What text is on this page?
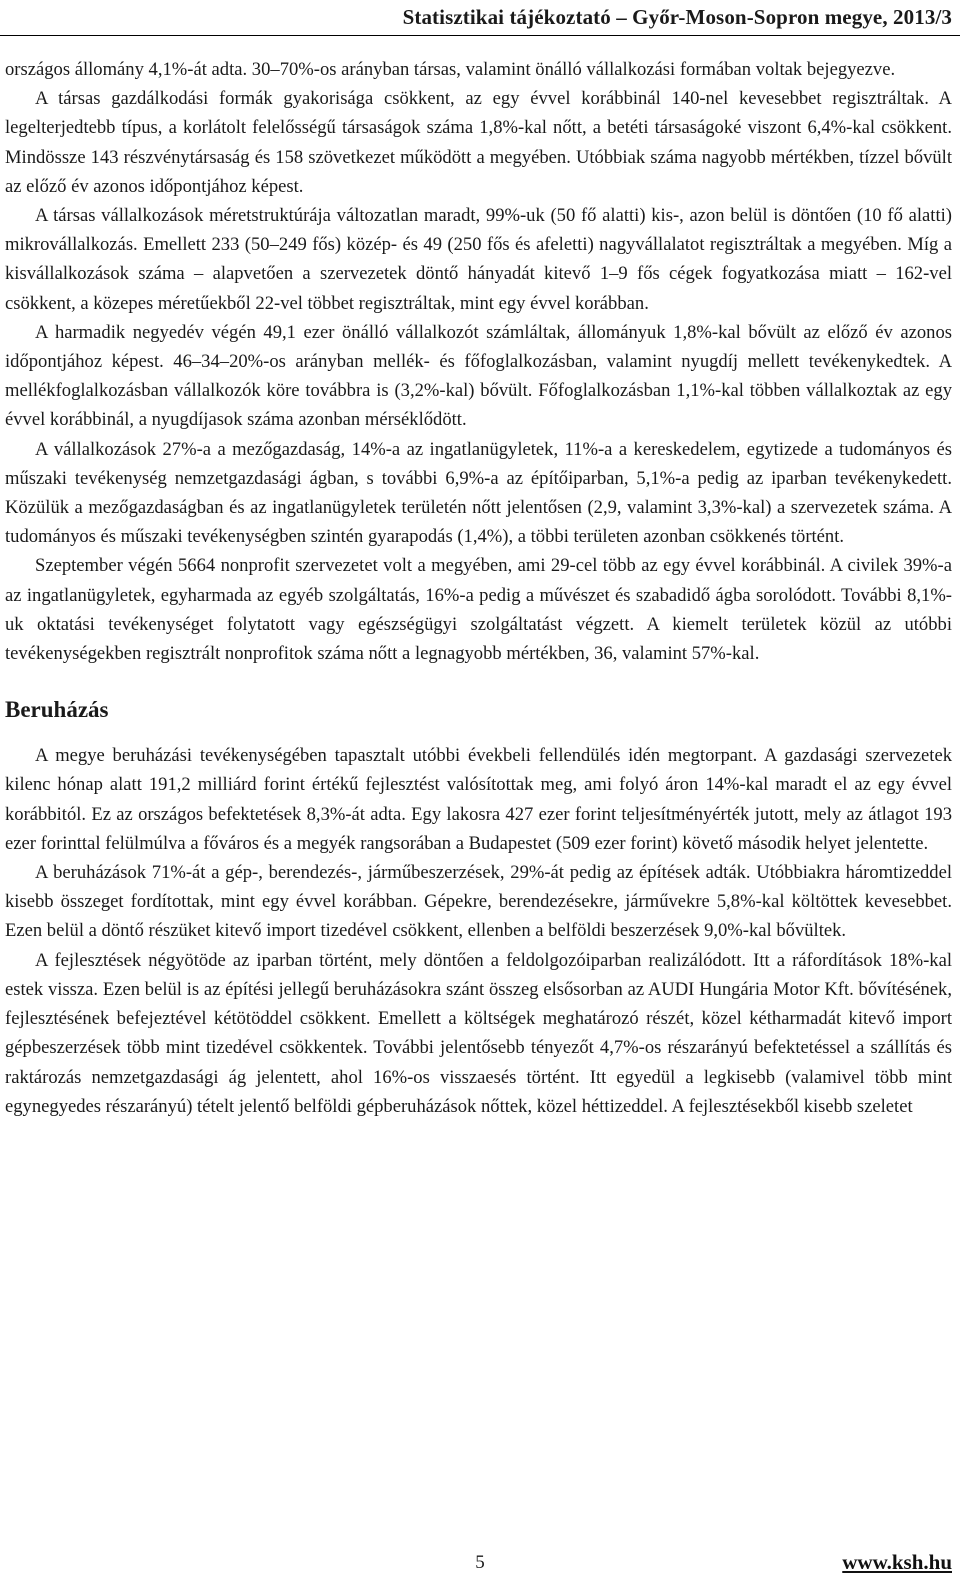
Statisztikai tájékoztató – Győr-Moson-Sopron megye, 2013/3

országos állomány 4,1%-át adta. 30–70%-os arányban társas, valamint önálló vállalkozási formában voltak bejegyezve.

A társas gazdálkodási formák gyakorisága csökkent, az egy évvel korábbinál 140-nel kevesebbet regisztráltak. A legelterjedtebb típus, a korlátolt felelősségű társaságok száma 1,8%-kal nőtt, a betéti társaságoké viszont 6,4%-kal csökkent. Mindössze 143 részvénytársaság és 158 szövetkezet működött a megyében. Utóbbiak száma nagyobb mértékben, tízzel bővült az előző év azonos időpontjához képest.

A társas vállalkozások méretstruktúrája változatlan maradt, 99%-uk (50 fő alatti) kis-, azon belül is döntően (10 fő alatti) mikrovállalkozás. Emellett 233 (50–249 fős) közép- és 49 (250 fős és afeletti) nagyvállalatot regisztráltak a megyében. Míg a kisvállalkozások száma – alapvetően a szervezetek döntő hányadát kitevő 1–9 fős cégek fogyatkozása miatt – 162-vel csökkent, a közepes méretűekből 22-vel többet regisztráltak, mint egy évvel korábban.

A harmadik negyedév végén 49,1 ezer önálló vállalkozót számláltak, állományuk 1,8%-kal bővült az előző év azonos időpontjához képest. 46–34–20%-os arányban mellék- és főfoglalkozásban, valamint nyugdíj mellett tevékenykedtek. A mellékfoglalkozásban vállalkozók köre továbbra is (3,2%-kal) bővült. Főfoglalkozásban 1,1%-kal többen vállalkoztak az egy évvel korábbinál, a nyugdíjasok száma azonban mérséklődött.

A vállalkozások 27%-a a mezőgazdaság, 14%-a az ingatlanügyletek, 11%-a a kereskedelem, egytizede a tudományos és műszaki tevékenység nemzetgazdasági ágban, s további 6,9%-a az építőiparban, 5,1%-a pedig az iparban tevékenykedett. Közülük a mezőgazdaságban és az ingatlanügyletek területén nőtt jelentősen (2,9, valamint 3,3%-kal) a szervezetek száma. A tudományos és műszaki tevékenységben szintén gyarapodás (1,4%), a többi területen azonban csökkenés történt.

Szeptember végén 5664 nonprofit szervezetet volt a megyében, ami 29-cel több az egy évvel korábbinál. A civilek 39%-a az ingatlanügyletek, egyharmada az egyéb szolgáltatás, 16%-a pedig a művészet és szabadidő ágba sorolódott. További 8,1%-uk oktatási tevékenységet folytatott vagy egészségügyi szolgáltatást végzett. A kiemelt területek közül az utóbbi tevékenységekben regisztrált nonprofitok száma nőtt a legnagyobb mértékben, 36, valamint 57%-kal.

Beruházás

A megye beruházási tevékenységében tapasztalt utóbbi évekbeli fellendülés idén megtorpant. A gazdasági szervezetek kilenc hónap alatt 191,2 milliárd forint értékű fejlesztést valósítottak meg, ami folyó áron 14%-kal maradt el az egy évvel korábbitól. Ez az országos befektetések 8,3%-át adta. Egy lakosra 427 ezer forint teljesítményérték jutott, mely az átlagot 193 ezer forinttal felülmúlva a főváros és a megyék rangsorában a Budapestet (509 ezer forint) követő második helyet jelentette.

A beruházások 71%-át a gép-, berendezés-, járműbeszerzések, 29%-át pedig az építések adták. Utóbbiakra háromtizeddel kisebb összeget fordítottak, mint egy évvel korábban. Gépekre, berendezésekre, járművekre 5,8%-kal költöttek kevesebbet. Ezen belül a döntő részüket kitevő import tizedével csökkent, ellenben a belföldi beszerzések 9,0%-kal bővültek.

A fejlesztések négyötöde az iparban történt, mely döntően a feldolgozóiparban realizálódott. Itt a ráfordítások 18%-kal estek vissza. Ezen belül is az építési jellegű beruházásokra szánt összeg elsősorban az AUDI Hungária Motor Kft. bővítésének, fejlesztésének befejeztével kétötöddel csökkent. Emellett a költségek meghatározó részét, közel kétharmadát kitevő import gépbeszerzések több mint tizedével csökkentek. További jelentősebb tényezőt 4,7%-os részarányú befektetéssel a szállítás és raktározás nemzetgazdasági ág jelentett, ahol 16%-os visszaesés történt. Itt egyedül a legkisebb (valamivel több mint egynegyedes részarányú) tételt jelentő belföldi gépberuházások nőttek, közel héttizeddel. A fejlesztésekből kisebb szeletet

5	www.ksh.hu
